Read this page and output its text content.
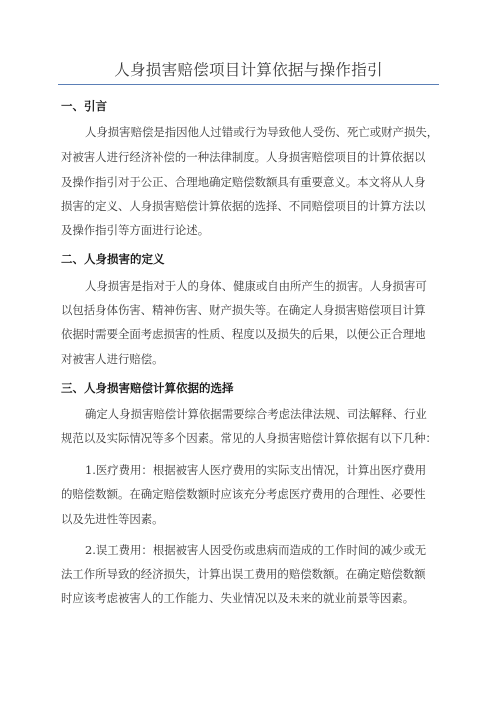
人身损害赔偿项目计算依据与操作指引
一、引言
人身损害赔偿是指因他人过错或行为导致他人受伤、死亡或财产损失，
对被害人进行经济补偿的一种法律制度。人身损害赔偿项目的计算依据以
及操作指引对于公正、合理地确定赔偿数额具有重要意义。本文将从人身
损害的定义、人身损害赔偿计算依据的选择、不同赔偿项目的计算方法以
及操作指引等方面进行论述。
二、人身损害的定义
人身损害是指对于人的身体、健康或自由所产生的损害。人身损害可
以包括身体伤害、精神伤害、财产损失等。在确定人身损害赔偿项目计算
依据时需要全面考虑损害的性质、程度以及损失的后果，以便公正合理地
对被害人进行赔偿。
三、人身损害赔偿计算依据的选择
确定人身损害赔偿计算依据需要综合考虑法律法规、司法解释、行业
规范以及实际情况等多个因素。常见的人身损害赔偿计算依据有以下几种：
1.医疗费用：根据被害人医疗费用的实际支出情况，计算出医疗费用
的赔偿数额。在确定赔偿数额时应该充分考虑医疗费用的合理性、必要性
以及先进性等因素。
2.误工费用：根据被害人因受伤或患病而造成的工作时间的减少或无
法工作所导致的经济损失，计算出误工费用的赔偿数额。在确定赔偿数额
时应该考虑被害人的工作能力、失业情况以及未来的就业前景等因素。
